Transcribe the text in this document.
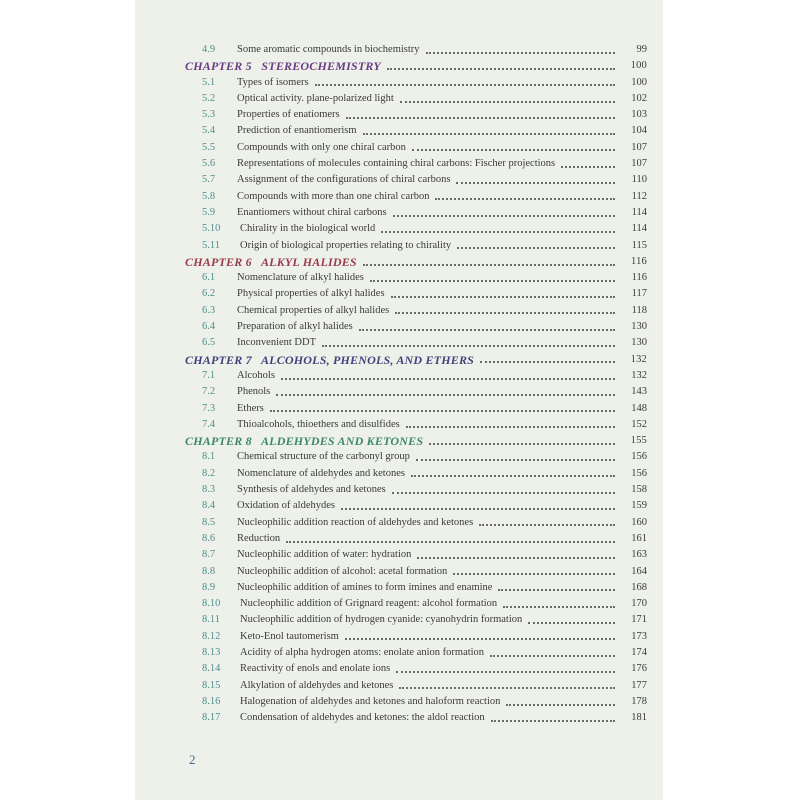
4.9	Some aromatic compounds in biochemistry	99
CHAPTER 5   STEREOCHEMISTRY	100
5.1	Types of isomers	100
5.2	Optical activity. plane-polarized light	102
5.3	Properties of enatiomers	103
5.4	Prediction of enantiomerism	104
5.5	Compounds with only one chiral carbon	107
5.6	Representations of molecules containing chiral carbons: Fischer projections	107
5.7	Assignment of the configurations of chiral carbons	110
5.8	Compounds with more than one chiral carbon	112
5.9	Enantiomers without chiral carbons	114
5.10	Chirality in the biological world	114
5.11	Origin of biological properties relating to chirality	115
CHAPTER 6   ALKYL HALIDES	116
6.1	Nomenclature of alkyl halides	116
6.2	Physical properties of alkyl halides	117
6.3	Chemical properties of alkyl halides	118
6.4	Preparation of alkyl halides	130
6.5	Inconvenient DDT	130
CHAPTER 7   ALCOHOLS, PHENOLS, AND ETHERS	132
7.1	Alcohols	132
7.2	Phenols	143
7.3	Ethers	148
7.4	Thioalcohols, thioethers and disulfides	152
CHAPTER 8   ALDEHYDES AND KETONES	155
8.1	Chemical structure of the carbonyl group	156
8.2	Nomenclature of aldehydes and ketones	156
8.3	Synthesis of aldehydes and ketones	158
8.4	Oxidation of aldehydes	159
8.5	Nucleophilic addition reaction of aldehydes and ketones	160
8.6	Reduction	161
8.7	Nucleophilic addition of water: hydration	163
8.8	Nucleophilic addition of alcohol: acetal formation	164
8.9	Nucleophilic addition of amines to form imines and enamine	168
8.10	Nucleophilic addition of Grignard reagent: alcohol formation	170
8.11	Nucleophilic addition of hydrogen cyanide: cyanohydrin formation	171
8.12	Keto-Enol tautomerism	173
8.13	Acidity of alpha hydrogen atoms: enolate anion formation	174
8.14	Reactivity of enols and enolate ions	176
8.15	Alkylation of aldehydes and ketones	177
8.16	Halogenation of aldehydes and ketones and haloform reaction	178
8.17	Condensation of aldehydes and ketones: the aldol reaction	181
2
